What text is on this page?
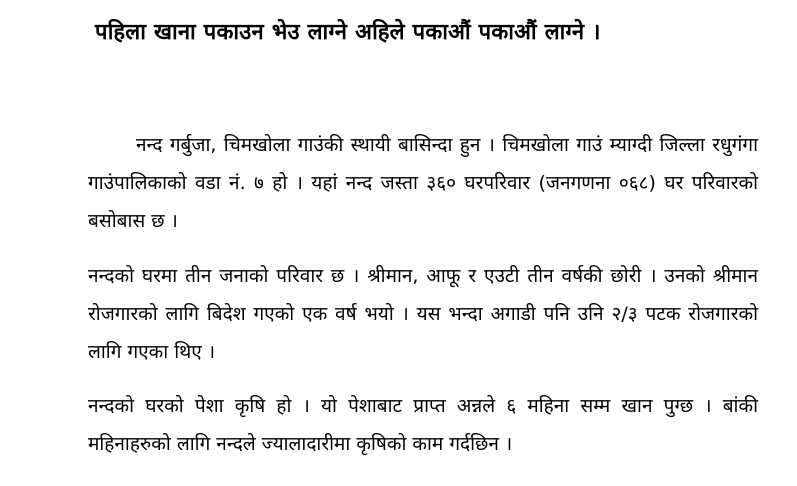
पहिला खाना पकाउन भेउ लाग्ने अहिले पकाऔं पकाऔं लाग्ने ।

नन्द गर्बुजा, चिमखोला गाउंकी स्थायी बासिन्दा हुन । चिमखोला गाउं म्याग्दी जिल्ला रधुगंगा गाउंपालिकाको वडा नं. ७ हो । यहां नन्द जस्ता ३६० घरपरिवार (जनगणना ०६८) घर परिवारको बसोबास छ ।

नन्दको घरमा तीन जनाको परिवार छ । श्रीमान, आफू र एउटी तीन वर्षकी छोरी । उनको श्रीमान रोजगारको लागि बिदेश गएको एक वर्ष भयो । यस भन्दा अगाडी पनि उनि २/३ पटक रोजगारको लागि गएका थिए ।

नन्दको घरको पेशा कृषि हो । यो पेशाबाट प्राप्त अन्नले ६ महिना सम्म खान पुग्छ । बांकी महिनाहरुको लागि नन्दले ज्यालादारीमा कृषिको काम गर्दछिन ।
